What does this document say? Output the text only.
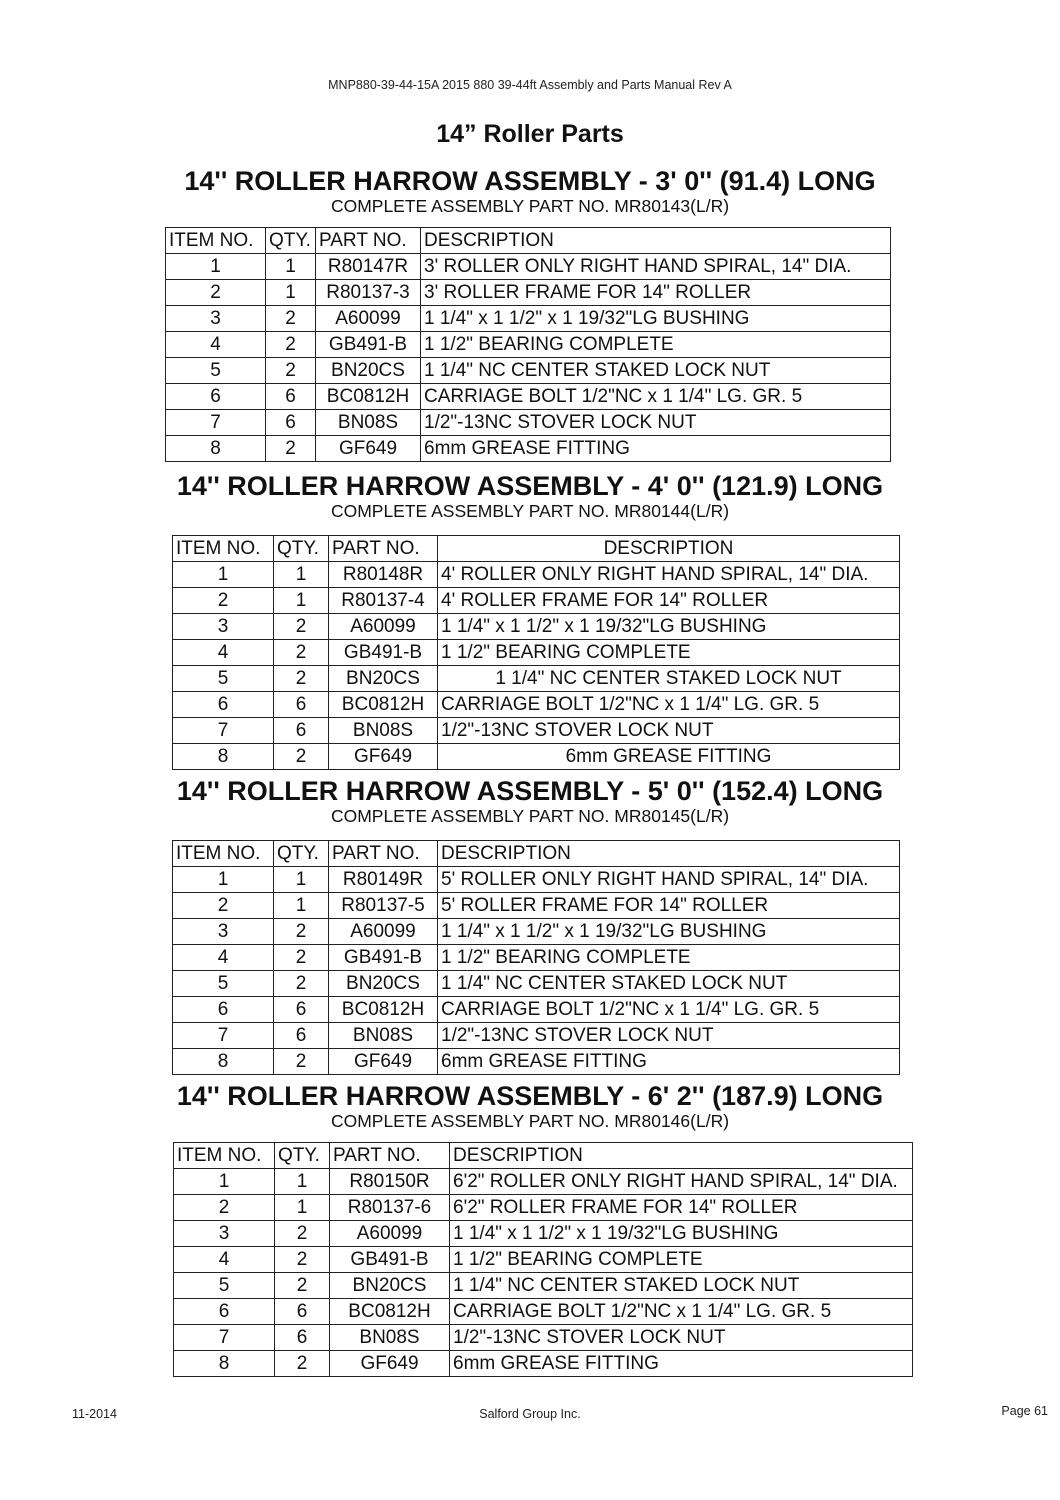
MNP880-39-44-15A 2015 880 39-44ft Assembly and Parts Manual Rev A
14” Roller Parts
14'' ROLLER HARROW ASSEMBLY - 3' 0'' (91.4) LONG
COMPLETE ASSEMBLY PART NO. MR80143(L/R)
ITEM NO.	QTY.	PART NO.	DESCRIPTION
1	1	R80147R	3' ROLLER ONLY RIGHT HAND SPIRAL, 14" DIA.
2	1	R80137-3	3' ROLLER FRAME FOR 14" ROLLER
3	2	A60099	1 1/4" x 1 1/2" x 1 19/32"LG BUSHING
4	2	GB491-B	1 1/2" BEARING COMPLETE
5	2	BN20CS	1 1/4" NC CENTER STAKED LOCK NUT
6	6	BC0812H	CARRIAGE BOLT 1/2"NC x 1 1/4" LG. GR. 5
7	6	BN08S	1/2"-13NC STOVER LOCK NUT
8	2	GF649	6mm GREASE FITTING
14'' ROLLER HARROW ASSEMBLY - 4' 0'' (121.9) LONG
COMPLETE ASSEMBLY PART NO. MR80144(L/R)
ITEM NO.	QTY.	PART NO.	DESCRIPTION
1	1	R80148R	4' ROLLER ONLY RIGHT HAND SPIRAL, 14" DIA.
2	1	R80137-4	4' ROLLER FRAME FOR 14" ROLLER
3	2	A60099	1 1/4" x 1 1/2" x 1 19/32"LG BUSHING
4	2	GB491-B	1 1/2" BEARING COMPLETE
5	2	BN20CS	1 1/4" NC CENTER STAKED LOCK NUT
6	6	BC0812H	CARRIAGE BOLT 1/2"NC x 1 1/4" LG. GR. 5
7	6	BN08S	1/2"-13NC STOVER LOCK NUT
8	2	GF649	6mm GREASE FITTING
14'' ROLLER HARROW ASSEMBLY - 5' 0'' (152.4) LONG
COMPLETE ASSEMBLY PART NO. MR80145(L/R)
ITEM NO.	QTY.	PART NO.	DESCRIPTION
1	1	R80149R	5' ROLLER ONLY RIGHT HAND SPIRAL, 14" DIA.
2	1	R80137-5	5' ROLLER FRAME FOR 14" ROLLER
3	2	A60099	1 1/4" x 1 1/2" x 1 19/32"LG BUSHING
4	2	GB491-B	1 1/2" BEARING COMPLETE
5	2	BN20CS	1 1/4" NC CENTER STAKED LOCK NUT
6	6	BC0812H	CARRIAGE BOLT 1/2"NC x 1 1/4" LG. GR. 5
7	6	BN08S	1/2"-13NC STOVER LOCK NUT
8	2	GF649	6mm GREASE FITTING
14'' ROLLER HARROW ASSEMBLY - 6' 2'' (187.9) LONG
COMPLETE ASSEMBLY PART NO. MR80146(L/R)
ITEM NO.	QTY.	PART NO.	DESCRIPTION
1	1	R80150R	6'2" ROLLER ONLY RIGHT HAND SPIRAL, 14" DIA.
2	1	R80137-6	6'2" ROLLER FRAME FOR 14" ROLLER
3	2	A60099	1 1/4" x 1 1/2" x 1 19/32"LG BUSHING
4	2	GB491-B	1 1/2" BEARING COMPLETE
5	2	BN20CS	1 1/4" NC CENTER STAKED LOCK NUT
6	6	BC0812H	CARRIAGE BOLT 1/2"NC x 1 1/4" LG. GR. 5
7	6	BN08S	1/2"-13NC STOVER LOCK NUT
8	2	GF649	6mm GREASE FITTING
11-2014	Salford Group Inc.	Page 61
